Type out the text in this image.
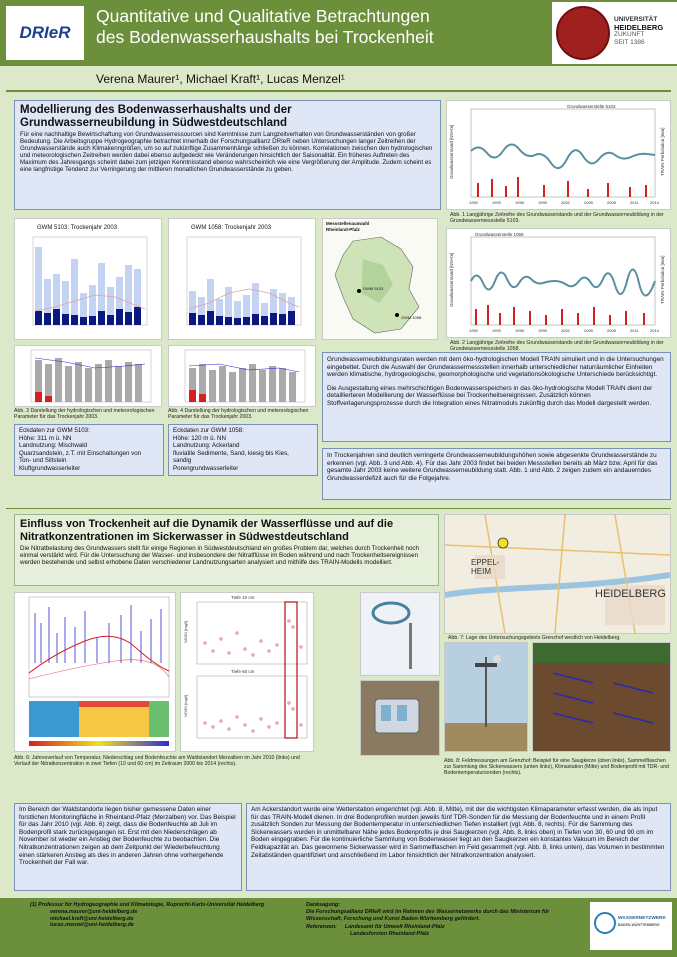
DRIeR
Quantitative und Qualitative Betrachtungen
des Bodenwasserhaushalts bei Trockenheit
UNIVERSITÄT
HEIDELBERG
ZUKUNFT
SEIT 1386
Verena Maurer¹, Michael Kraft¹, Lucas Menzel¹
Modellierung des Bodenwasserhaushalts und der
Grundwasserneubildung in Südwestdeutschland
Für eine nachhaltige Bewirtschaftung von Grundwasserressourcen sind Kenntnisse zum Langzeitverhalten von Grundwasserständen von großer Bedeutung. Die Arbeitsgruppe Hydrogeographie betrachtet innerhalb der Forschungsallianz DRIeR neben Untersuchungen langer Zeitreihen der Grundwasserstände auch Klimakenngrößen, um so auf zukünftige Zusammenhänge schließen zu können. Korrelationen zwischen den hydrologischen und meteorologischen Zeitreihen werden dabei ebenso aufgedeckt wie Veränderungen hinsichtlich der Saisonalität. Ein früheres Auftreten des Maximum des Jahresgangs scheint dabei zum jetzigen Kenntnisstand ebenso wahrscheinlich wie eine Vergrößerung der Amplitude. Zudem scheint es eine langfristige Tendenz zur Verringerung der mittleren monatlichen Grundwasserstände zu geben.
Grundwasserstelle 5103
Grundwasserstand [NN+m]	TRAIN Perkolation [mm]
1990	1993	1996	1999	2002	2005	2008	2011	2014
Abb. 1 Langjährige Zeitreihe des Grundwasserstands und der Grundwasserneubildung in der Grundwassermessstelle 5103.
GWM 5103: Trockenjahr 2003	GWM 1058: Trockenjahr 2003
Messstellenauswahl
Rheinland-Pfalz
GWM 5103
GWM 1058
Grundwasserstelle 1058
Grundwasserstand [NN+m]	TRAIN Perkolation [mm]
1990	1993	1996	1999	2002	2005	2008	2011	2014
Abb. 2 Langjährige Zeitreihe des Grundwasserstands und der Grundwasserneubildung in der Grundwassermessstelle 1058.
Abb. 3 Darstellung der hydrologischen und meteorologischen Parameter für das Trockenjahr 2003.
Abb. 4 Darstellung der hydrologischen und meteorologischen Parameter für das Trockenjahr 2003.
Grundwasserneubildungsraten werden mit dem öko-hydrologischen Modell TRAIN simuliert und in die Untersuchungen eingebettet. Durch die Auswahl der Grundwassermessstellen innerhalb unterschiedlicher naturräumlicher Einheiten werden klimatische, hydrogeologische, geomorphologische und vegetationsökologische Unterschiede berücksichtigt.
Die Ausgestaltung eines mehrschichtigen Bodenwasserspeichers in das öko-hydrologische Modell TRAIN dient der detaillierteren Modellierung der Wasserflüsse bei Trockenheitsereignissen. Zusätzlich können Stoffverlagerungsprozesse durch die Integration eines Nitratmoduls zukünftig durch das Modell dargestellt werden.
Eckdaten zur GWM 5103:
Höhe: 311 m ü. NN
Landnutzung: Mischwald
Quarzsandstein, z.T. mit Einschaltungen von
Ton- und Siltstein
Kluftgrundwasserleiter
Eckdaten zur GWM 1058:
Höhe: 120 m ü. NN
Landnutzung: Ackerland
fluviatile Sedimente, Sand, kiesig bis Kies,
sandig
Porengrundwasserleiter
In Trockenjahren sind deutlich verringerte Grundwasserneubildungshöhen sowie abgesenkte Grundwasserstände zu erkennen (vgl. Abb. 3 und Abb. 4). Für das Jahr 2003 findet bei beiden Messstellen bereits ab März bzw. April für das gesamte Jahr 2003 keine weitere Grundwasserneubildung statt. Abb. 1 und Abb. 2 zeigen zudem ein andauerndes Grundwasserdefizit auch für die Folgejahre.
Einfluss von Trockenheit auf die Dynamik der Wasserflüsse und auf die
Nitratkonzentrationen im Sickerwasser in Südwestdeutschland
Die Nitratbelastung des Grundwassers stellt für einige Regionen in Südwestdeutschland ein großes Problem dar, welches durch Trockenheit noch einmal verstärkt wird. Für die Untersuchung der Wasser- und insbesondere der Nitratflüsse im Boden während und nach Trockenheitsereignissen werden bestehende und selbst erhobene Daten verschiedener Landnutzungsarten analysiert und mithilfe des TRAIN-Modells modelliert.	EPPEL-
HEIM
HEIDELBERG
Abb. 7: Lage des Untersuchungsgebiets Grenzhof westlich von Heidelberg.
Tiefe 10 cm
Tiefe 60 cm
NO3N [mg/l]
NO3N [mg/l]
Abb. 6: Jahresverlauf von Temperatur, Niederschlag und Bodenfeuchte am Waldstandort Merzalben im Jahr 2010 (links) und Verlauf der Nitratkonzentration in zwei Tiefen (10 und 60 cm) im Zeitraum 2000 bis 2014 (rechts).	Abb. 8: Feldmessungen am Grenzhof: Beispiel für eine Saugkerze (oben links), Sammelflaschen zur Sammlung des Sickerwassers (unten links), Klimastation (Mitte) und Bodenprofil mit TDR- und Bodentemperatursonden (rechts).
Im Bereich der Waldstandorte liegen bisher gemessene Daten einer forstlichen Monitoringfläche in Rheinland-Pfalz (Merzalben) vor. Das Beispiel für das Jahr 2010 (vgl. Abb. 6) zeigt, dass die Bodenfeuchte ab Juli im Bodenprofil stark zurückgegangen ist. Erst mit den Niederschlägen ab November ist wieder ein Anstieg der Bodenfeuchte zu beobachten. Die Nitratkonzentrationen zeigen ab dem Zeitpunkt der Wiederbefeuchtung einen stärkeren Anstieg als dies in anderen Jahren ohne vorhergehende Trockenheit der Fall war.
Am Ackerstandort wurde eine Wetterstation eingerichtet (vgl. Abb. 8, Mitte), mit der die wichtigsten Klimaparameter erfasst werden, die als Input für das TRAIN-Modell dienen. In drei Bodenprofilen wurden jeweils fünf TDR-Sonden für die Messung der Bodenfeuchte und in einem Profil zusätzlich Sonden zur Messung der Bodentemperatur in unterschiedlichen Tiefen installiert (vgl. Abb. 8, rechts). Für die Sammlung des Sickerwassers wurden in unmittelbarer Nähe jedes Bodenprofils je drei Saugkerzen (vgl. Abb. 8, links oben) in Tiefen von 30, 60 und 90 cm im Boden eingegraben. Für die kontinuierliche Sammlung von Bodenwasser liegt an den Saugkerzen ein konstantes Vakuum im Bereich der Feldkapazität an. Das gewonnene Sickerwasser wird in Sammelflaschen im Feld gesammelt (vgl. Abb. 8, links unten), das Volumen in bestimmten Zeitabständen quantifiziert und anschließend im Labor hinsichtlich der Nitratkonzentration analysiert.
(1) Professur für Hydrogeographie und Klimatologie, Ruprecht-Karls-Universität Heidelberg
verena.maurer@uni-heidelberg.de
michael.kraft@uni-heidelberg.de
lucas.menzel@uni-heidelberg.de
Danksagung:
Die Forschungsallianz DRIeR wird im Rahmen des Wassernetzwerks durch das Ministerium für Wissenschaft, Forschung und Kunst Baden-Württemberg gefördert.
Referenzen: Landesamt für Umwelt Rheinland-Pfalz
Landesforsten Rheinland-Pfalz
WASSERNETZWERK
BADEN-WÜRTTEMBERG
